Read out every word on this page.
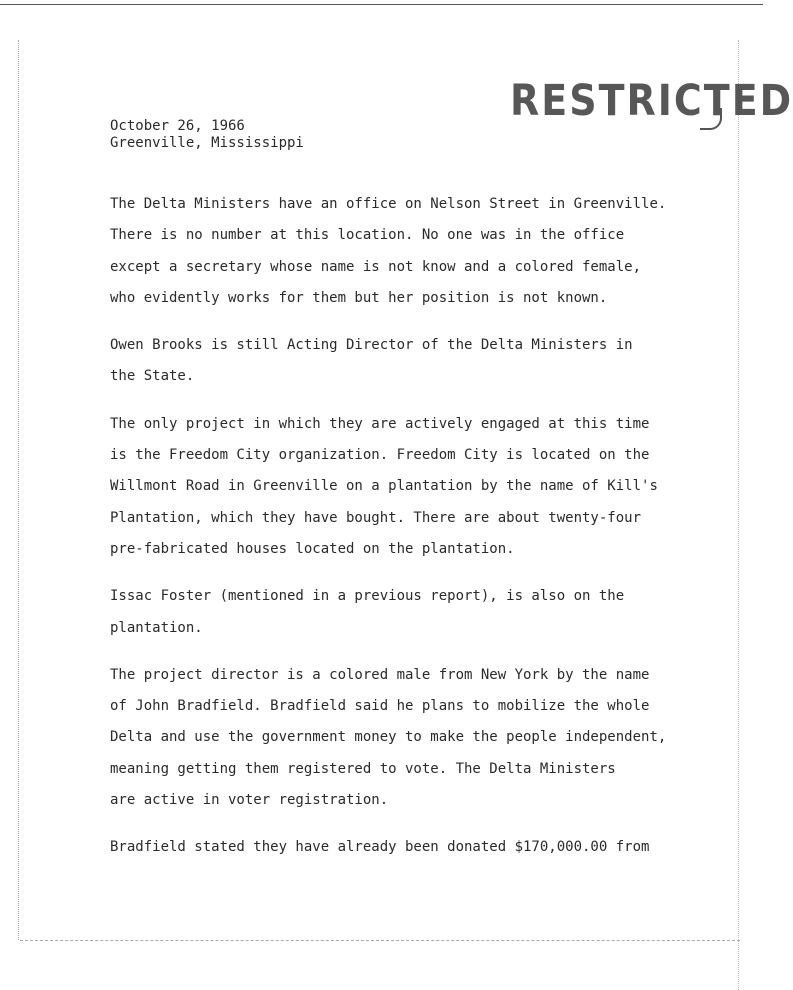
RESTRICTED
October 26, 1966
Greenville, Mississippi
The Delta Ministers have an office on Nelson Street in Greenville.
There is no number at this location. No one was in the office
except a secretary whose name is not know and a colored female,
who evidently works for them but her position is not known.
Owen Brooks is still Acting Director of the Delta Ministers in
the State.
The only project in which they are actively engaged at this time
is the Freedom City organization. Freedom City is located on the
Willmont Road in Greenville on a plantation by the name of Kill's
Plantation, which they have bought. There are about twenty-four
pre-fabricated houses located on the plantation.
Issac Foster (mentioned in a previous report), is also on the
plantation.
The project director is a colored male from New York by the name
of John Bradfield. Bradfield said he plans to mobilize the whole
Delta and use the government money to make the people independent,
meaning getting them registered to vote. The Delta Ministers
are active in voter registration.
Bradfield stated they have already been donated $170,000.00 from
